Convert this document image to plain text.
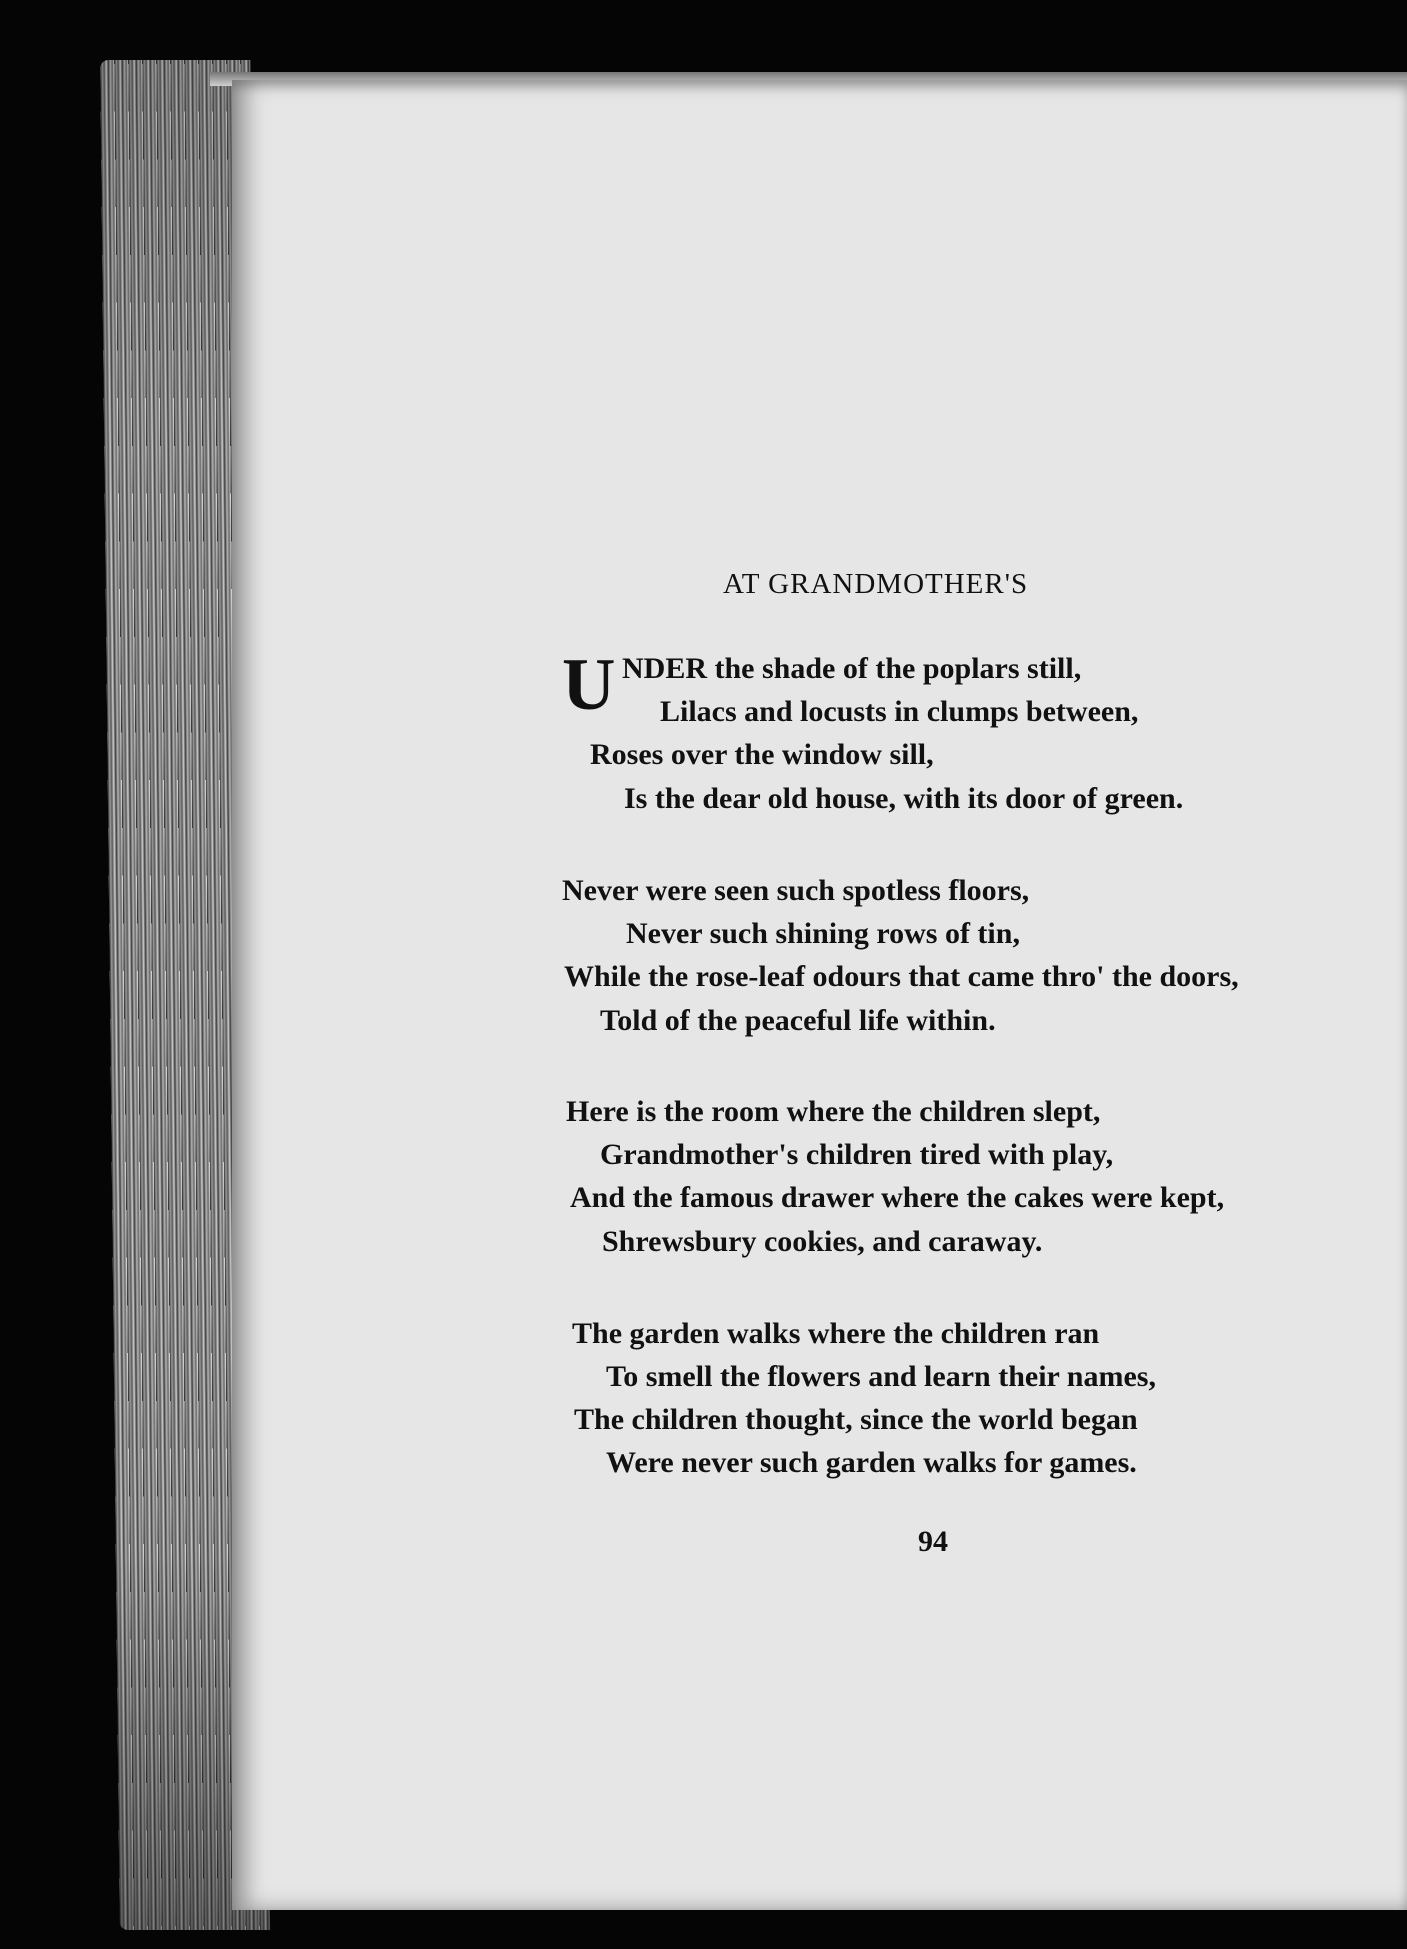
AT GRANDMOTHER'S
U NDER the shade of the poplars still,
Lilacs and locusts in clumps between,
Roses over the window sill,
Is the dear old house, with its door of green.
Never were seen such spotless floors,
Never such shining rows of tin,
While the rose-leaf odours that came thro' the doors,
Told of the peaceful life within.
Here is the room where the children slept,
Grandmother's children tired with play,
And the famous drawer where the cakes were kept,
Shrewsbury cookies, and caraway.
The garden walks where the children ran
To smell the flowers and learn their names,
The children thought, since the world began
Were never such garden walks for games.
94
